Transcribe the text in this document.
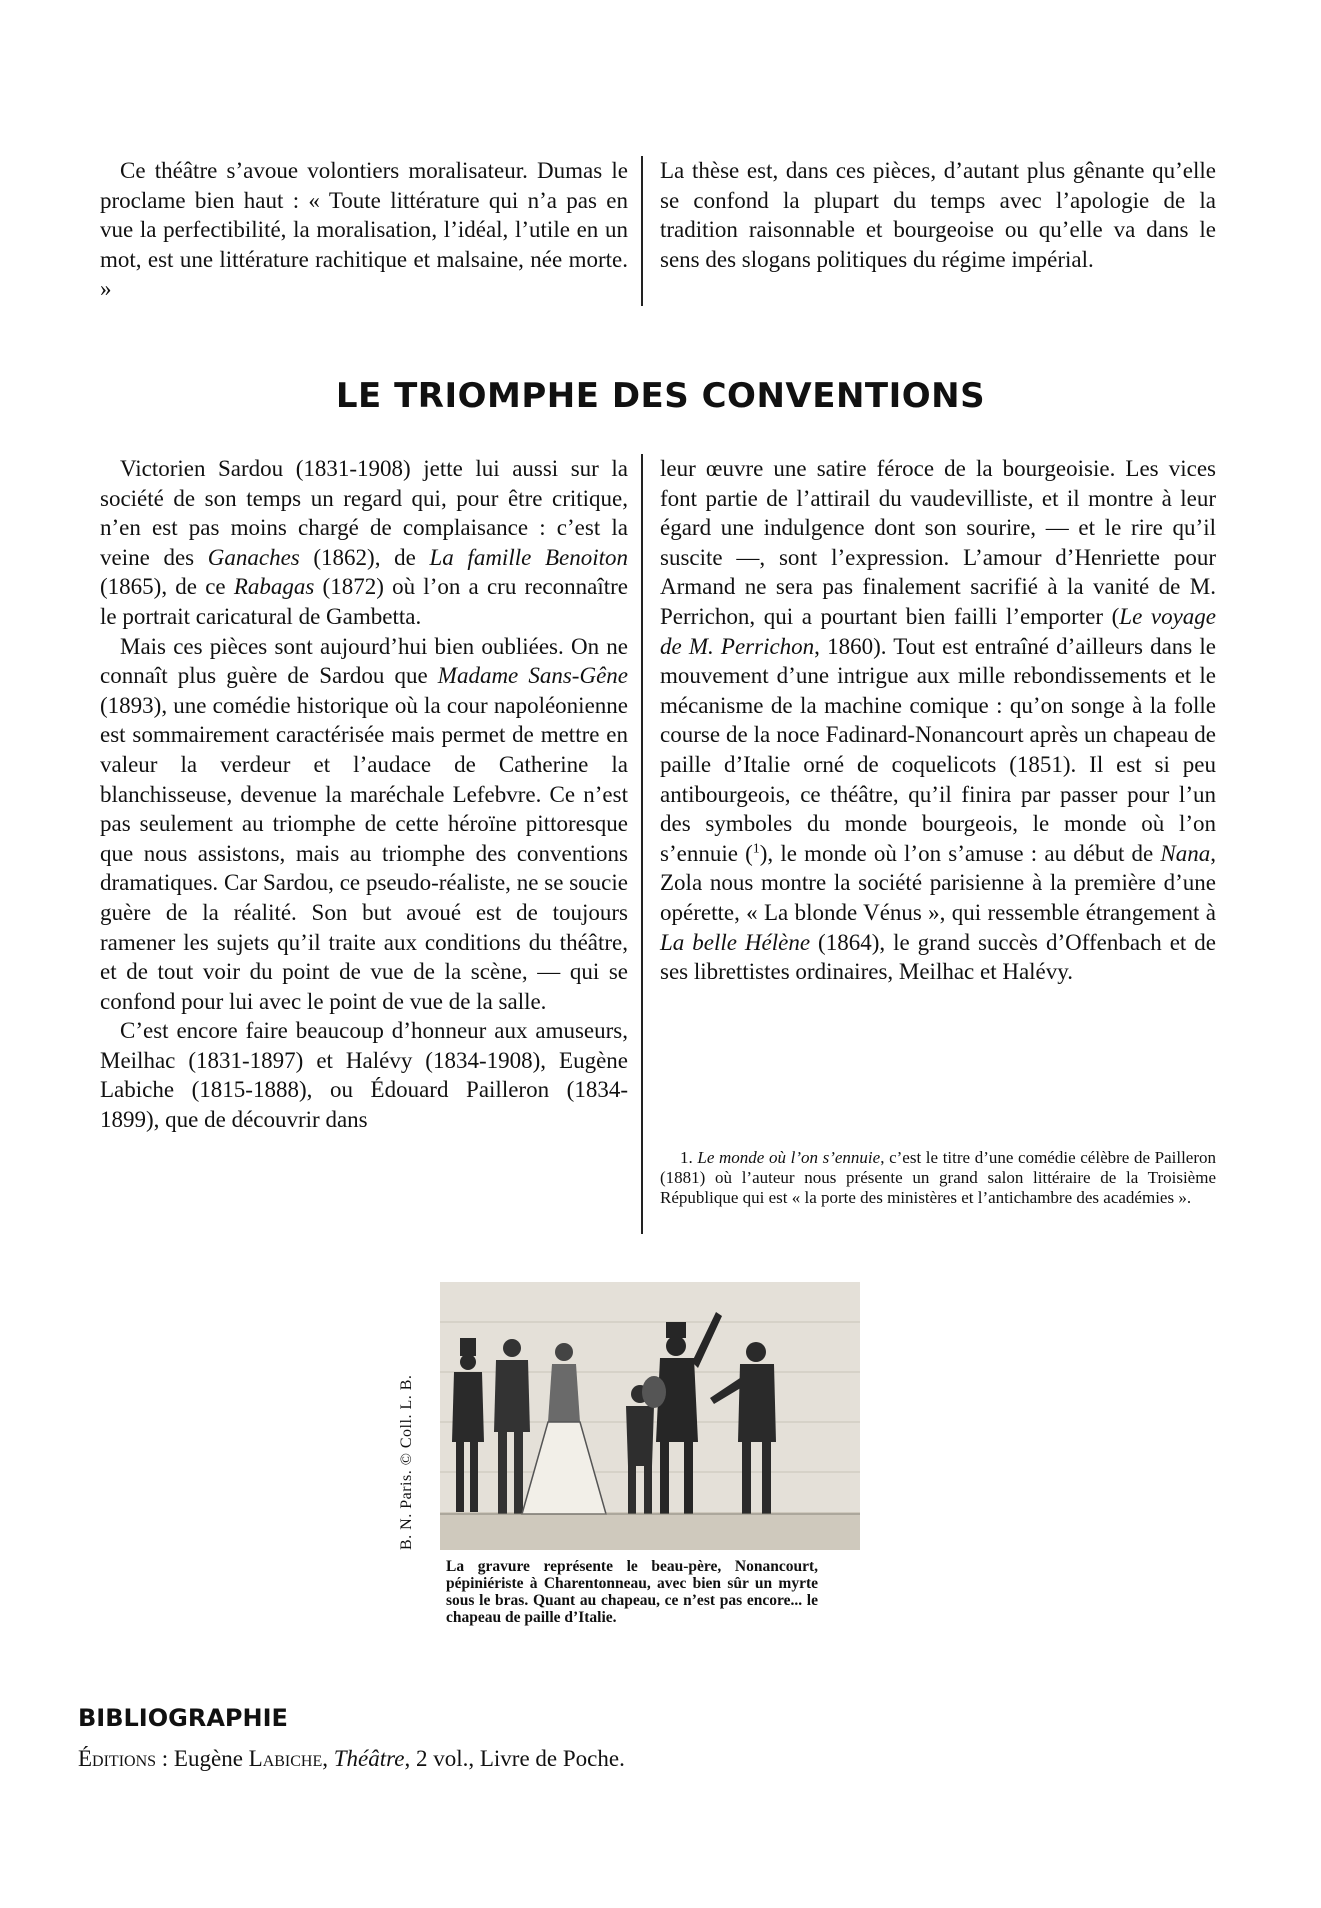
Ce théâtre s’avoue volontiers moralisateur. Dumas le proclame bien haut : « Toute littérature qui n’a pas en vue la perfectibilité, la moralisation, l’idéal, l’utile en un mot, est une littérature rachitique et malsaine, née morte. »

La thèse est, dans ces pièces, d’autant plus gênante qu’elle se confond la plupart du temps avec l’apologie de la tradition raisonnable et bourgeoise ou qu’elle va dans le sens des slogans politiques du régime impérial.

LE TRIOMPHE DES CONVENTIONS

Victorien Sardou (1831-1908) jette lui aussi sur la société de son temps un regard qui, pour être critique, n’en est pas moins chargé de complaisance : c’est la veine des Ganaches (1862), de La famille Benoiton (1865), de ce Rabagas (1872) où l’on a cru reconnaître le portrait caricatural de Gambetta.

Mais ces pièces sont aujourd’hui bien oubliées. On ne connaît plus guère de Sardou que Madame Sans-Gêne (1893), une comédie historique où la cour napoléonienne est sommairement caractérisée mais permet de mettre en valeur la verdeur et l’audace de Catherine la blanchisseuse, devenue la maréchale Lefebvre. Ce n’est pas seulement au triomphe de cette héroïne pittoresque que nous assistons, mais au triomphe des conventions dramatiques. Car Sardou, ce pseudo-réaliste, ne se soucie guère de la réalité. Son but avoué est de toujours ramener les sujets qu’il traite aux conditions du théâtre, et de tout voir du point de vue de la scène, — qui se confond pour lui avec le point de vue de la salle.

C’est encore faire beaucoup d’honneur aux amuseurs, Meilhac (1831-1897) et Halévy (1834-1908), Eugène Labiche (1815-1888), ou Édouard Pailleron (1834-1899), que de découvrir dans

leur œuvre une satire féroce de la bourgeoisie. Les vices font partie de l’attirail du vaudevilliste, et il montre à leur égard une indulgence dont son sourire, — et le rire qu’il suscite —, sont l’expression. L’amour d’Henriette pour Armand ne sera pas finalement sacrifié à la vanité de M. Perrichon, qui a pourtant bien failli l’emporter (Le voyage de M. Perrichon, 1860). Tout est entraîné d’ailleurs dans le mouvement d’une intrigue aux mille rebondissements et le mécanisme de la machine comique : qu’on songe à la folle course de la noce Fadinard-Nonancourt après un chapeau de paille d’Italie orné de coquelicots (1851). Il est si peu antibourgeois, ce théâtre, qu’il finira par passer pour l’un des symboles du monde bourgeois, le monde où l’on s’ennuie ($^1$), le monde où l’on s’amuse : au début de Nana, Zola nous montre la société parisienne à la première d’une opérette, « La blonde Vénus », qui ressemble étrangement à La belle Hélène (1864), le grand succès d’Offenbach et de ses librettistes ordinaires, Meilhac et Halévy.

1. Le monde où l’on s’ennuie, c’est le titre d’une comédie célèbre de Pailleron (1881) où l’auteur nous présente un grand salon littéraire de la Troisième République qui est « la porte des ministères et l’antichambre des académies ».

B. N. Paris. © Coll. L. B.

La gravure représente le beau-père, Nonancourt, pépiniériste à Charentonneau, avec bien sûr un myrte sous le bras. Quant au chapeau, ce n’est pas encore... le chapeau de paille d’Italie.

BIBLIOGRAPHIE

Éditions : Eugène Labiche, Théâtre, 2 vol., Livre de Poche.
